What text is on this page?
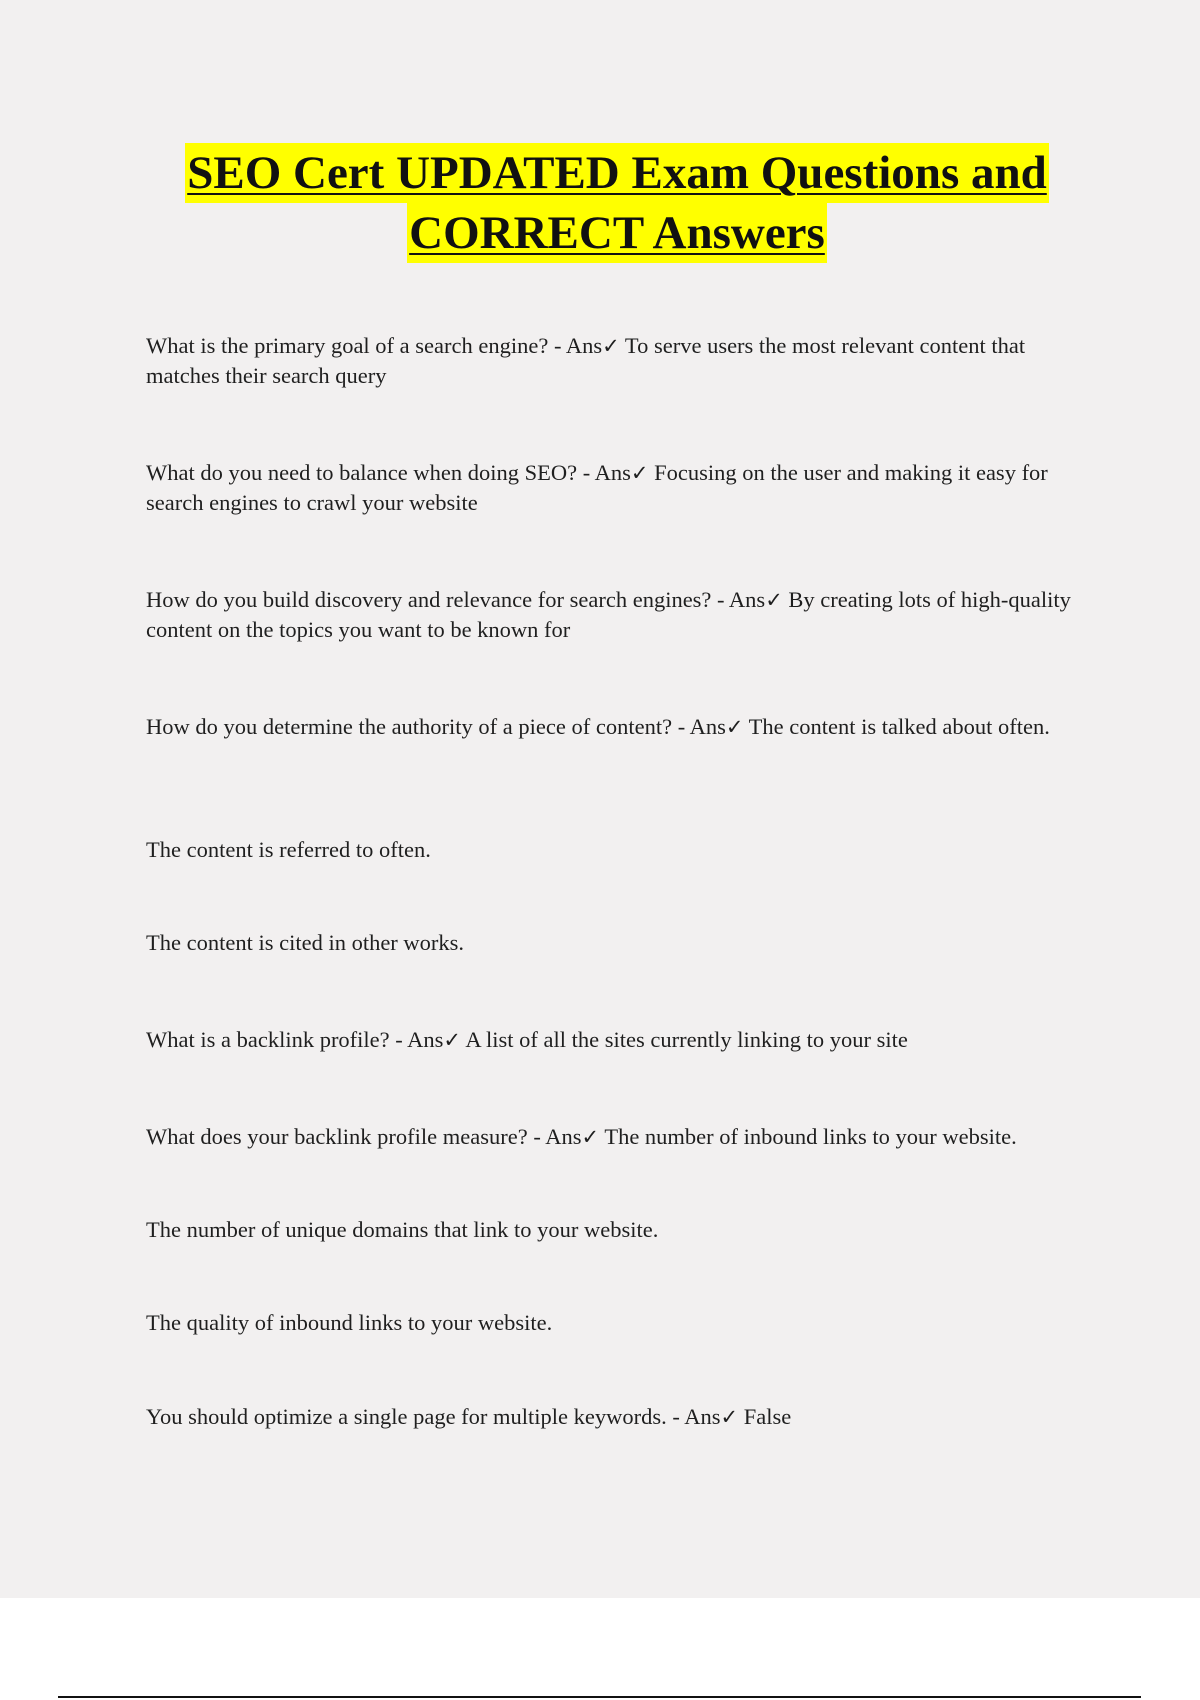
SEO Cert UPDATED Exam Questions and
CORRECT Answers
What is the primary goal of a search engine? - Ans✓ To serve users the most relevant content that matches their search query
What do you need to balance when doing SEO? - Ans✓ Focusing on the user and making it easy for search engines to crawl your website
How do you build discovery and relevance for search engines? - Ans✓ By creating lots of high-quality content on the topics you want to be known for
How do you determine the authority of a piece of content? - Ans✓ The content is talked about often.
The content is referred to often.
The content is cited in other works.
What is a backlink profile? - Ans✓ A list of all the sites currently linking to your site
What does your backlink profile measure? - Ans✓ The number of inbound links to your website.
The number of unique domains that link to your website.
The quality of inbound links to your website.
You should optimize a single page for multiple keywords. - Ans✓ False
